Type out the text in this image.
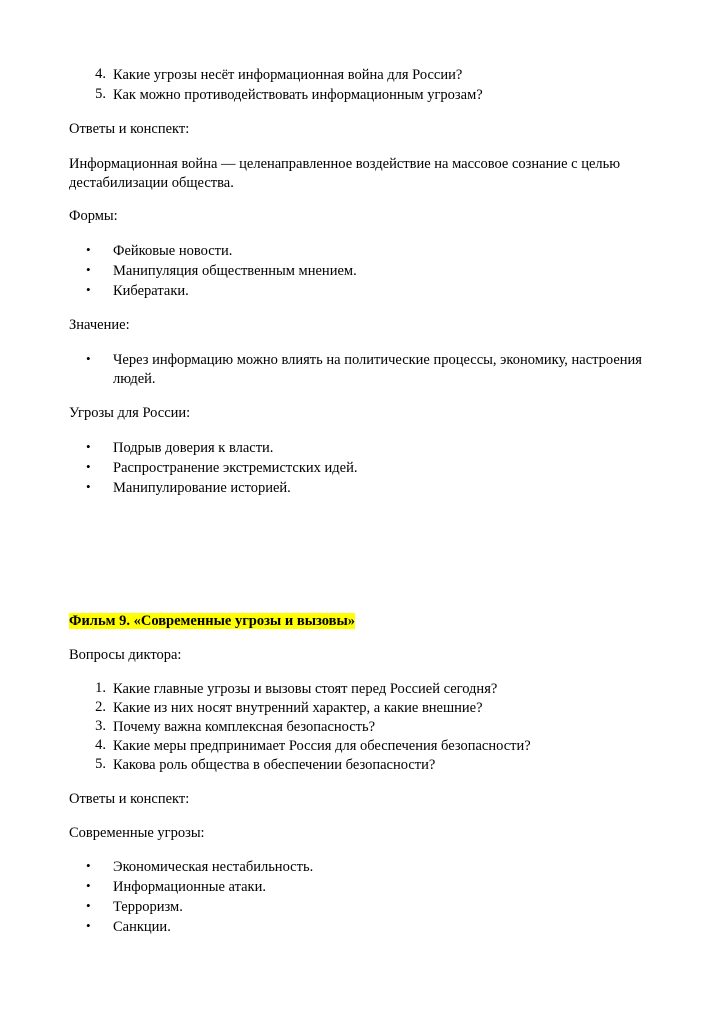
4. Какие угрозы несёт информационная война для России?
5. Как можно противодействовать информационным угрозам?
Ответы и конспект:
Информационная война — целенаправленное воздействие на массовое сознание с целью
дестабилизации общества.
Формы:
• Фейковые новости.
• Манипуляция общественным мнением.
• Кибератаки.
Значение:
• Через информацию можно влиять на политические процессы, экономику, настроения
людей.
Угрозы для России:
• Подрыв доверия к власти.
• Распространение экстремистских идей.
• Манипулирование историей.
Фильм 9. «Современные угрозы и вызовы»
Вопросы диктора:
1. Какие главные угрозы и вызовы стоят перед Россией сегодня?
2. Какие из них носят внутренний характер, а какие внешние?
3. Почему важна комплексная безопасность?
4. Какие меры предпринимает Россия для обеспечения безопасности?
5. Какова роль общества в обеспечении безопасности?
Ответы и конспект:
Современные угрозы:
• Экономическая нестабильность.
• Информационные атаки.
• Терроризм.
• Санкции.
